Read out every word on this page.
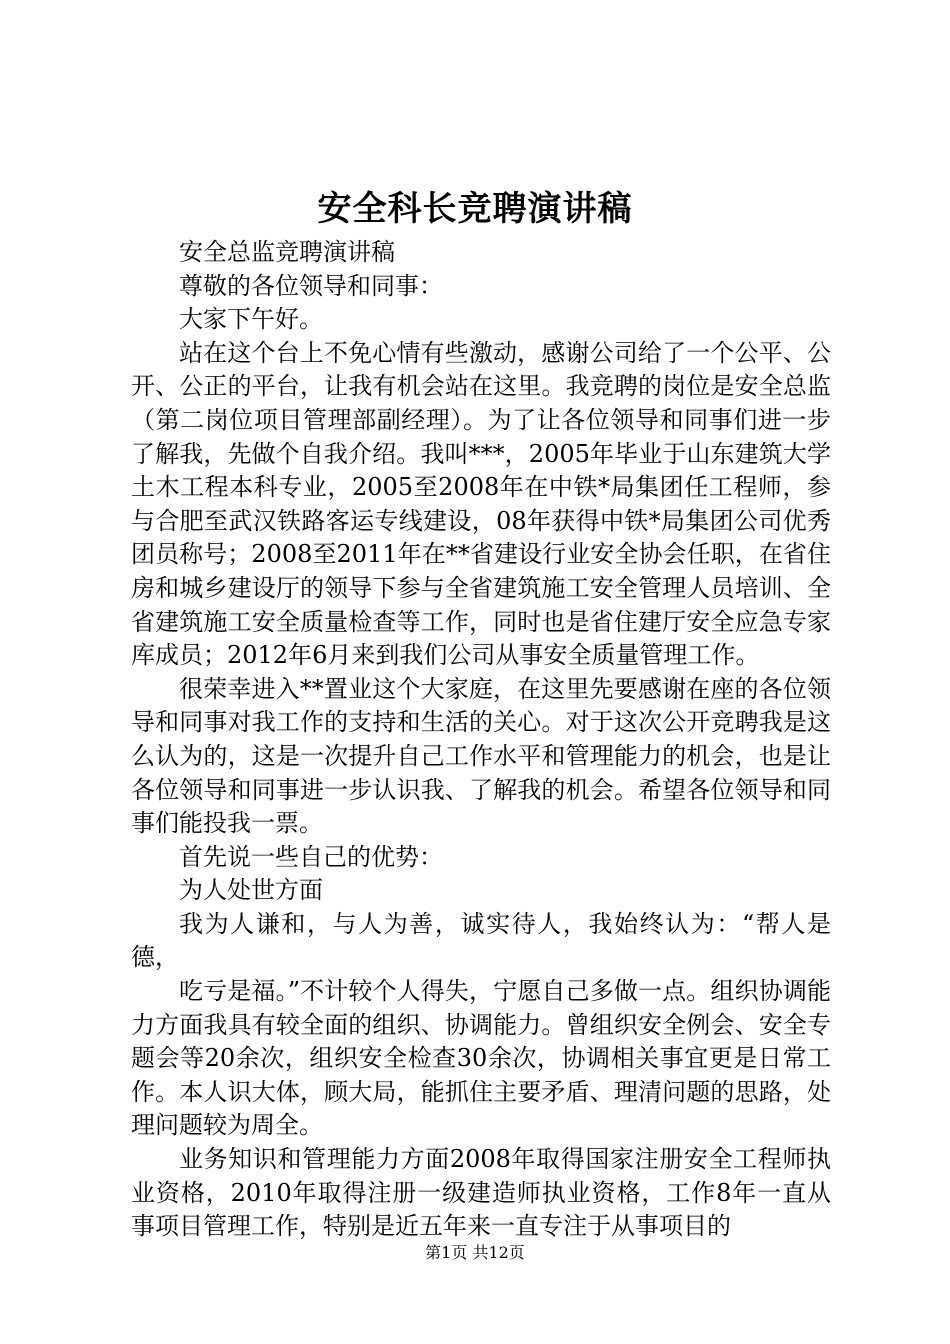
安全科长竞聘演讲稿

安全总监竞聘演讲稿

尊敬的各位领导和同事：

大家下午好。

站在这个台上不免心情有些激动，感谢公司给了一个公平、公开、公正的平台，让我有机会站在这里。我竞聘的岗位是安全总监（第二岗位项目管理部副经理）。为了让各位领导和同事们进一步了解我，先做个自我介绍。我叫***，2005年毕业于山东建筑大学土木工程本科专业，2005至2008年在中铁*局集团任工程师，参与合肥至武汉铁路客运专线建设，08年获得中铁*局集团公司优秀团员称号；2008至2011年在**省建设行业安全协会任职，在省住房和城乡建设厅的领导下参与全省建筑施工安全管理人员培训、全省建筑施工安全质量检查等工作，同时也是省住建厅安全应急专家库成员；2012年6月来到我们公司从事安全质量管理工作。

很荣幸进入**置业这个大家庭，在这里先要感谢在座的各位领导和同事对我工作的支持和生活的关心。对于这次公开竞聘我是这么认为的，这是一次提升自己工作水平和管理能力的机会，也是让各位领导和同事进一步认识我、了解我的机会。希望各位领导和同事们能投我一票。

首先说一些自己的优势：

为人处世方面

我为人谦和，与人为善，诚实待人，我始终认为：“帮人是德，

吃亏是福。”不计较个人得失，宁愿自己多做一点。组织协调能力方面我具有较全面的组织、协调能力。曾组织安全例会、安全专题会等20余次，组织安全检查30余次，协调相关事宜更是日常工作。本人识大体，顾大局，能抓住主要矛盾、理清问题的思路，处理问题较为周全。

业务知识和管理能力方面2008年取得国家注册安全工程师执业资格，2010年取得注册一级建造师执业资格，工作8年一直从事项目管理工作，特别是近五年来一直专注于从事项目的

第1页 共12页
